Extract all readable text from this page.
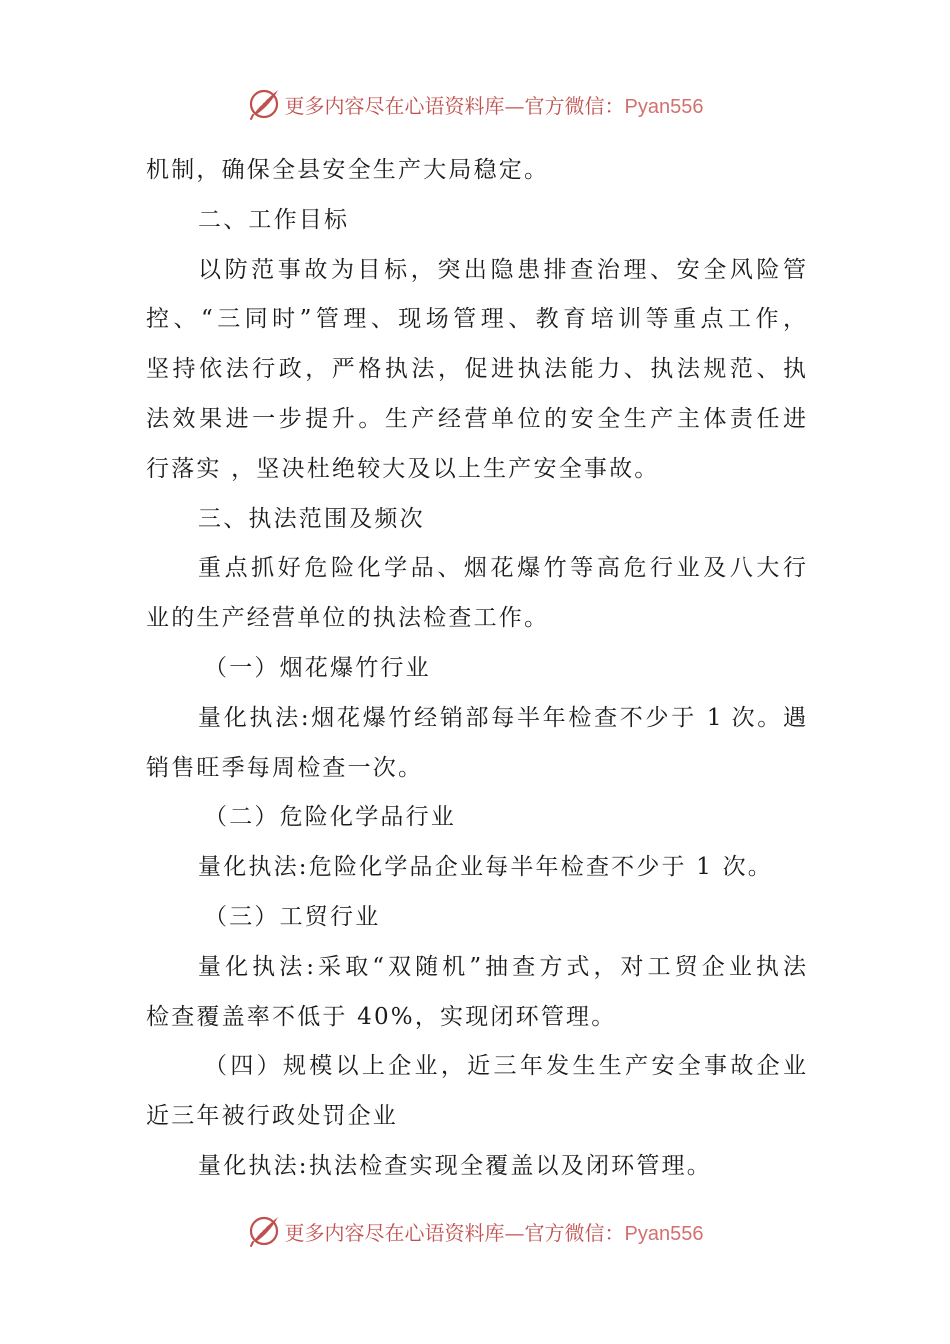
更多内容尽在心语资料库—官方微信：Pyan556
机制，确保全县安全生产大局稳定。
二、工作目标
以防范事故为目标，突出隐患排查治理、安全风险管
控、“三同时”管理、现场管理、教育培训等重点工作，
坚持依法行政，严格执法，促进执法能力、执法规范、执
法效果进一步提升。生产经营单位的安全生产主体责任进
行落实 ，坚决杜绝较大及以上生产安全事故。
三、执法范围及频次
重点抓好危险化学品、烟花爆竹等高危行业及八大行
业的生产经营单位的执法检查工作。
（一）烟花爆竹行业
量化执法:烟花爆竹经销部每半年检查不少于 1 次。遇
销售旺季每周检查一次。
（二）危险化学品行业
量化执法:危险化学品企业每半年检查不少于 1 次。
（三）工贸行业
量化执法:采取“双随机”抽查方式，对工贸企业执法
检查覆盖率不低于 40%，实现闭环管理。
（四）规模以上企业，近三年发生生产安全事故企业
近三年被行政处罚企业
量化执法:执法检查实现全覆盖以及闭环管理。
更多内容尽在心语资料库—官方微信：Pyan556
